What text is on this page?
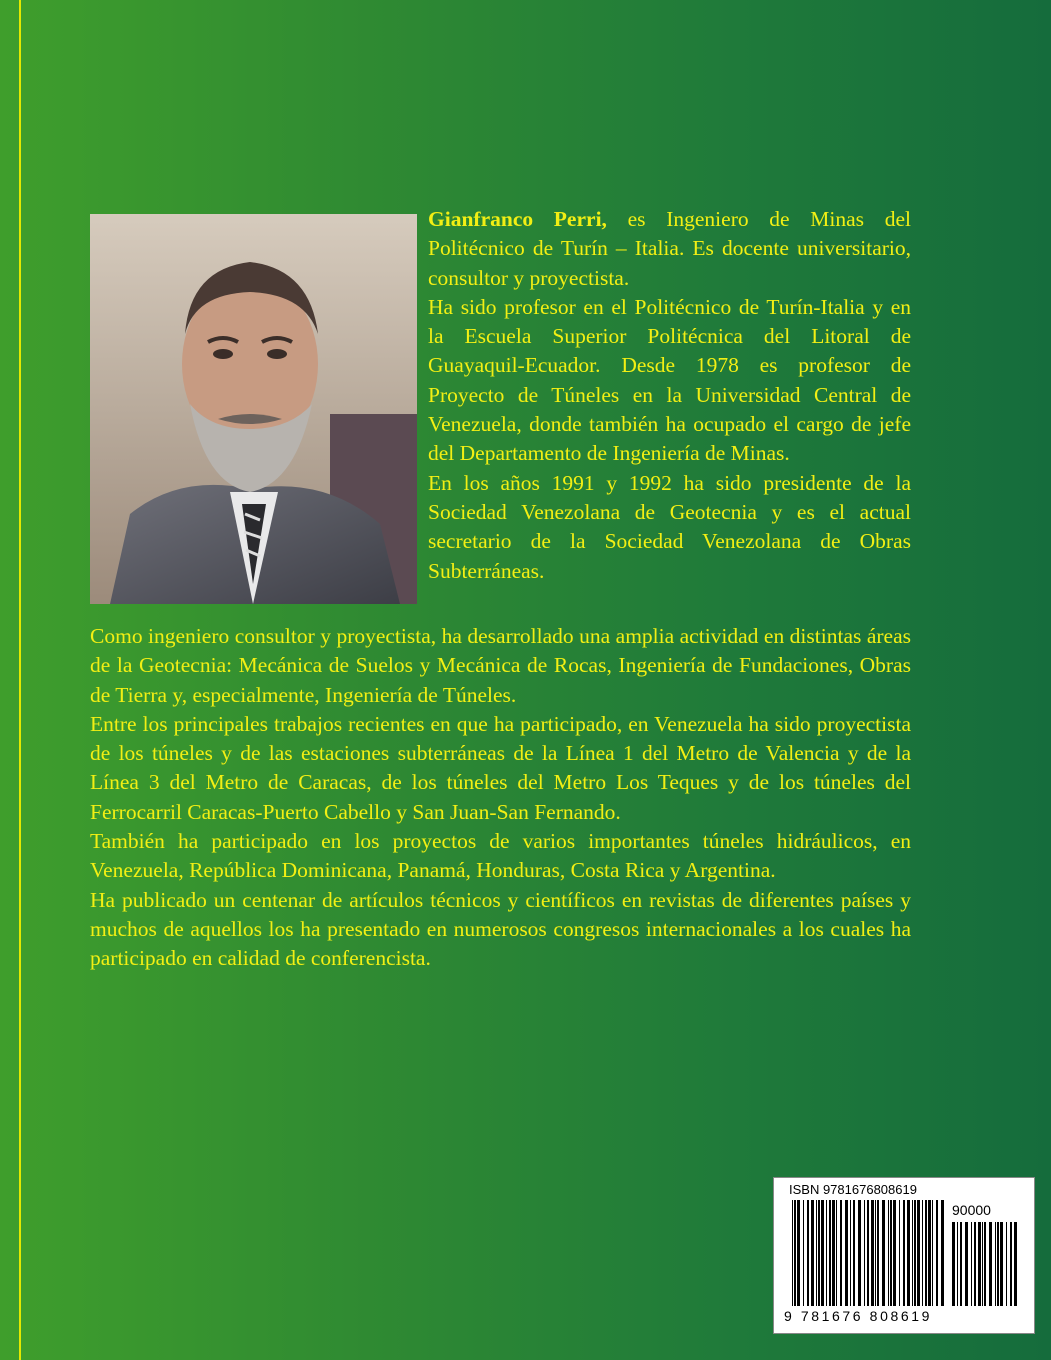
Gianfranco Perri, es Ingeniero de Minas del Politécnico de Turín – Italia. Es docente universitario, consultor y proyectista.

Ha sido profesor en el Politécnico de Turín-Italia y en la Escuela Superior Politécnica del Litoral de Guayaquil-Ecuador. Desde 1978 es profesor de Proyecto de Túneles en la Universidad Central de Venezuela, donde también ha ocupado el cargo de jefe del Departamento de Ingeniería de Minas.

En los años 1991 y 1992 ha sido presidente de la Sociedad Venezolana de Geotecnia y es el actual secretario de la Sociedad Venezolana de Obras Subterráneas.

Como ingeniero consultor y proyectista, ha desarrollado una amplia actividad en distintas áreas de la Geotecnia: Mecánica de Suelos y Mecánica de Rocas, Ingeniería de Fundaciones, Obras de Tierra y, especialmente, Ingeniería de Túneles.

Entre los principales trabajos recientes en que ha participado, en Venezuela ha sido proyectista de los túneles y de las estaciones subterráneas de la Línea 1 del Metro de Valencia y de la Línea 3 del Metro de Caracas, de los túneles del Metro Los Teques y de los túneles del Ferrocarril Caracas-Puerto Cabello y San Juan-San Fernando.

También ha participado en los proyectos de varios importantes túneles hidráulicos, en Venezuela, República Dominicana, Panamá, Honduras, Costa Rica y Argentina.

Ha publicado un centenar de artículos técnicos y científicos en revistas de diferentes países y muchos de aquellos los ha presentado en numerosos congresos internacionales a los cuales ha participado en calidad de conferencista.

ISBN 9781676808619
90000
9 781676 808619
